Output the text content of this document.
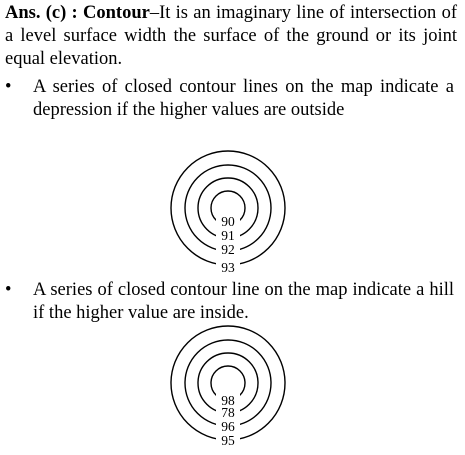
Ans. (c) : Contour–It is an imaginary line of intersection of a level surface width the surface of the ground or its joint equal elevation.
•	A series of closed contour lines on the map indicate a depression if the higher values are outside
90
91
92
93
•	A series of closed contour line on the map indicate a hill if the higher value are inside.
98
78
96
95
